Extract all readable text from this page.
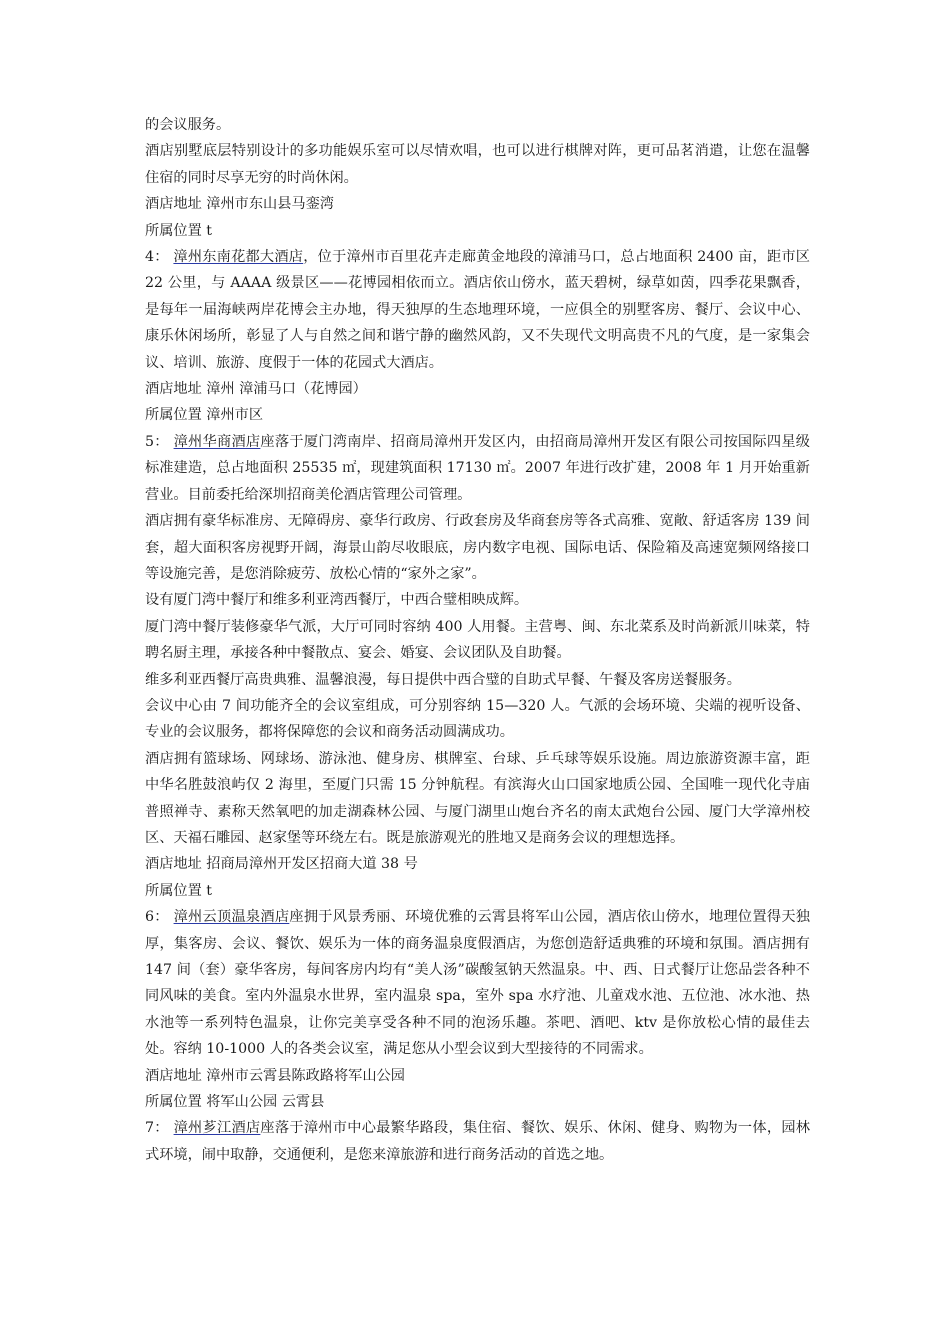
的会议服务。

酒店别墅底层特别设计的多功能娱乐室可以尽情欢唱，也可以进行棋牌对阵，更可品茗消遣，让您在温馨住宿的同时尽享无穷的时尚休闲。

酒店地址 漳州市东山县马銮湾

所属位置 t

4： 漳州东南花都大酒店，位于漳州市百里花卉走廊黄金地段的漳浦马口，总占地面积 2400 亩，距市区 22 公里，与 AAAA 级景区——花博园相依而立。酒店依山傍水，蓝天碧树，绿草如茵，四季花果飘香，是每年一届海峡两岸花博会主办地，得天独厚的生态地理环境，一应俱全的别墅客房、餐厅、会议中心、康乐休闲场所，彰显了人与自然之间和谐宁静的幽然风韵，又不失现代文明高贵不凡的气度，是一家集会议、培训、旅游、度假于一体的花园式大酒店。

酒店地址 漳州 漳浦马口（花博园）

所属位置 漳州市区

5： 漳州华商酒店座落于厦门湾南岸、招商局漳州开发区内，由招商局漳州开发区有限公司按国际四星级标准建造，总占地面积 25535 ㎡，现建筑面积 17130 ㎡。2007 年进行改扩建，2008 年 1 月开始重新营业。目前委托给深圳招商美伦酒店管理公司管理。

酒店拥有豪华标准房、无障碍房、豪华行政房、行政套房及华商套房等各式高雅、宽敞、舒适客房 139 间套，超大面积客房视野开阔，海景山韵尽收眼底，房内数字电视、国际电话、保险箱及高速宽频网络接口等设施完善，是您消除疲劳、放松心情的“家外之家”。

设有厦门湾中餐厅和维多利亚湾西餐厅，中西合璧相映成辉。

厦门湾中餐厅装修豪华气派，大厅可同时容纳 400 人用餐。主营粤、闽、东北菜系及时尚新派川味菜，特聘名厨主理，承接各种中餐散点、宴会、婚宴、会议团队及自助餐。

维多利亚西餐厅高贵典雅、温馨浪漫，每日提供中西合璧的自助式早餐、午餐及客房送餐服务。

会议中心由 7 间功能齐全的会议室组成，可分别容纳 15—320 人。气派的会场环境、尖端的视听设备、专业的会议服务，都将保障您的会议和商务活动圆满成功。

酒店拥有篮球场、网球场、游泳池、健身房、棋牌室、台球、乒乓球等娱乐设施。周边旅游资源丰富，距中华名胜鼓浪屿仅 2 海里，至厦门只需 15 分钟航程。有滨海火山口国家地质公园、全国唯一现代化寺庙普照禅寺、素称天然氧吧的加走湖森林公园、与厦门湖里山炮台齐名的南太武炮台公园、厦门大学漳州校区、天福石雕园、赵家堡等环绕左右。既是旅游观光的胜地又是商务会议的理想选择。

酒店地址 招商局漳州开发区招商大道 38 号

所属位置 t

6： 漳州云顶温泉酒店座拥于风景秀丽、环境优雅的云霄县将军山公园，酒店依山傍水，地理位置得天独厚，集客房、会议、餐饮、娱乐为一体的商务温泉度假酒店，为您创造舒适典雅的环境和氛围。酒店拥有 147 间（套）豪华客房，每间客房内均有“美人汤”碳酸氢钠天然温泉。中、西、日式餐厅让您品尝各种不同风味的美食。室内外温泉水世界，室内温泉 spa，室外 spa 水疗池、儿童戏水池、五位池、冰水池、热水池等一系列特色温泉，让你完美享受各种不同的泡汤乐趣。茶吧、酒吧、ktv 是你放松心情的最佳去处。容纳 10-1000 人的各类会议室，满足您从小型会议到大型接待的不同需求。

酒店地址 漳州市云霄县陈政路将军山公园

所属位置 将军山公园 云霄县

7： 漳州芗江酒店座落于漳州市中心最繁华路段，集住宿、餐饮、娱乐、休闲、健身、购物为一体，园林式环境，闹中取静，交通便利，是您来漳旅游和进行商务活动的首选之地。
